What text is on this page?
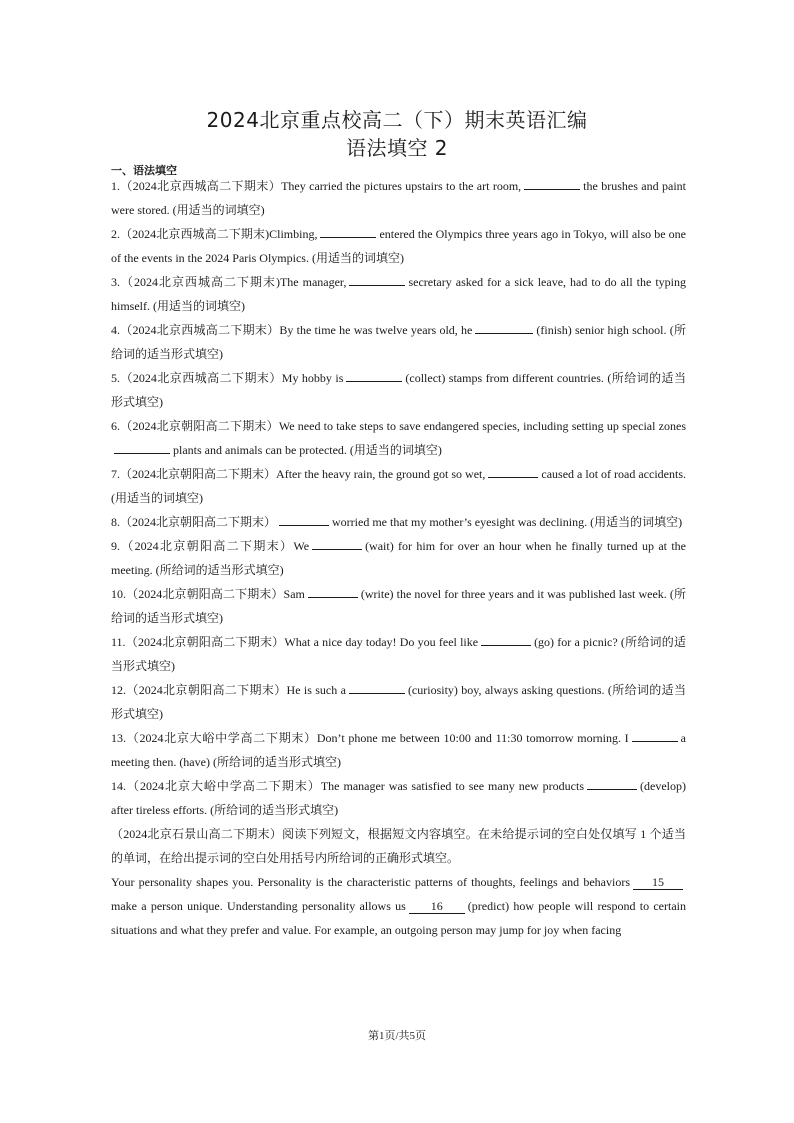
2024北京重点校高二（下）期末英语汇编
语法填空 2
一、语法填空

1.（2024北京西城高二下期末）They carried the pictures upstairs to the art room,	the brushes and paint were stored. (用适当的词填空)

2.（2024北京西城高二下期末)Climbing,	entered the Olympics three years ago in Tokyo, will also be one of the events in the 2024 Paris Olympics. (用适当的词填空)

3.（2024北京西城高二下期末)The manager,	secretary asked for a sick leave, had to do all the typing himself. (用适当的词填空)

4.（2024北京西城高二下期末）By the time he was twelve years old, he	(finish) senior high school. (所给词的适当形式填空)

5.（2024北京西城高二下期末）My hobby is	(collect) stamps from different countries. (所给词的适当形式填空)

6.（2024北京朝阳高二下期末）We need to take steps to save endangered species, including setting up special zonesplants and animals can be protected. (用适当的词填空)

7.（2024北京朝阳高二下期末）After the heavy rain, the ground got so wet,	caused a lot of road accidents. (用适当的词填空)

8.（2024北京朝阳高二下期末）	worried me that my mother’s eyesight was declining. (用适当的词填空)

9.（2024北京朝阳高二下期末）We	(wait) for him for over an hour when he finally turned up at the meeting. (所给词的适当形式填空)

10.（2024北京朝阳高二下期末）Sam	(write) the novel for three years and it was published last week. (所给词的适当形式填空)

11.（2024北京朝阳高二下期末）What a nice day today! Do you feel like	(go) for a picnic? (所给词的适当形式填空)

12.（2024北京朝阳高二下期末）He is such a	(curiosity) boy, always asking questions. (所给词的适当形式填空)

13.（2024北京大峪中学高二下期末）Don’t phone me between 10:00 and 11:30 tomorrow morning. I	a meeting then. (have) (所给词的适当形式填空)

14.（2024北京大峪中学高二下期末）The manager was satisfied to see many new products	(develop) after tireless efforts. (所给词的适当形式填空)

（2024北京石景山高二下期末）阅读下列短文，根据短文内容填空。在未给提示词的空白处仅填写 1 个适当的单词，在给出提示词的空白处用括号内所给词的正确形式填空。

Your personality shapes you. Personality is the characteristic patterns of thoughts, feelings and behaviors 15make a person unique. Understanding personality allows us 16 (predict) how people will respond to certain situations and what they prefer and value. For example, an outgoing person may jump for joy when facing

第1页/共5页
